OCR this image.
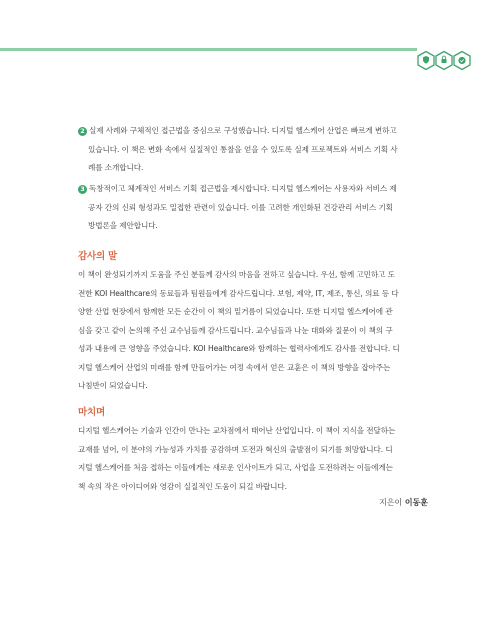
2 실제 사례와 구체적인 접근법을 중심으로 구성했습니다. 디지털 헬스케어 산업은 빠르게 변하고
있습니다. 이 책은 변화 속에서 실질적인 통찰을 얻을 수 있도록 실제 프로젝트와 서비스 기획 사
례를 소개합니다.
3 독창적이고 체계적인 서비스 기획 접근법을 제시합니다. 디지털 헬스케어는 사용자와 서비스 제
공자 간의 신뢰 형성과도 밀접한 관련이 있습니다. 이를 고려한 개인화된 건강관리 서비스 기획
방법론을 제안합니다.
감사의 말
이 책이 완성되기까지 도움을 주신 분들께 감사의 마음을 전하고 싶습니다. 우선, 함께 고민하고 도
전한 KOI Healthcare의 동료들과 팀원들에게 감사드립니다. 보험, 제약, IT, 제조, 통신, 의료 등 다
양한 산업 현장에서 함께한 모든 순간이 이 책의 밑거름이 되었습니다. 또한 디지털 헬스케어에 관
심을 갖고 같이 논의해 주신 교수님들께 감사드립니다. 교수님들과 나눈 대화와 질문이 이 책의 구
성과 내용에 큰 영향을 주었습니다. KOI Healthcare와 함께하는 협력사에게도 감사를 전합니다. 디
지털 헬스케어 산업의 미래를 함께 만들어가는 여정 속에서 얻은 교훈은 이 책의 방향을 잡아주는
나침반이 되었습니다.
마치며
디지털 헬스케어는 기술과 인간이 만나는 교차점에서 태어난 산업입니다. 이 책이 지식을 전달하는
교재를 넘어, 이 분야의 가능성과 가치를 공감하며 도전과 혁신의 출발점이 되기를 희망합니다. 디
지털 헬스케어를 처음 접하는 이들에게는 새로운 인사이트가 되고, 사업을 도전하려는 이들에게는
책 속의 작은 아이디어와 영감이 실질적인 도움이 되길 바랍니다.
지은이 이동훈
